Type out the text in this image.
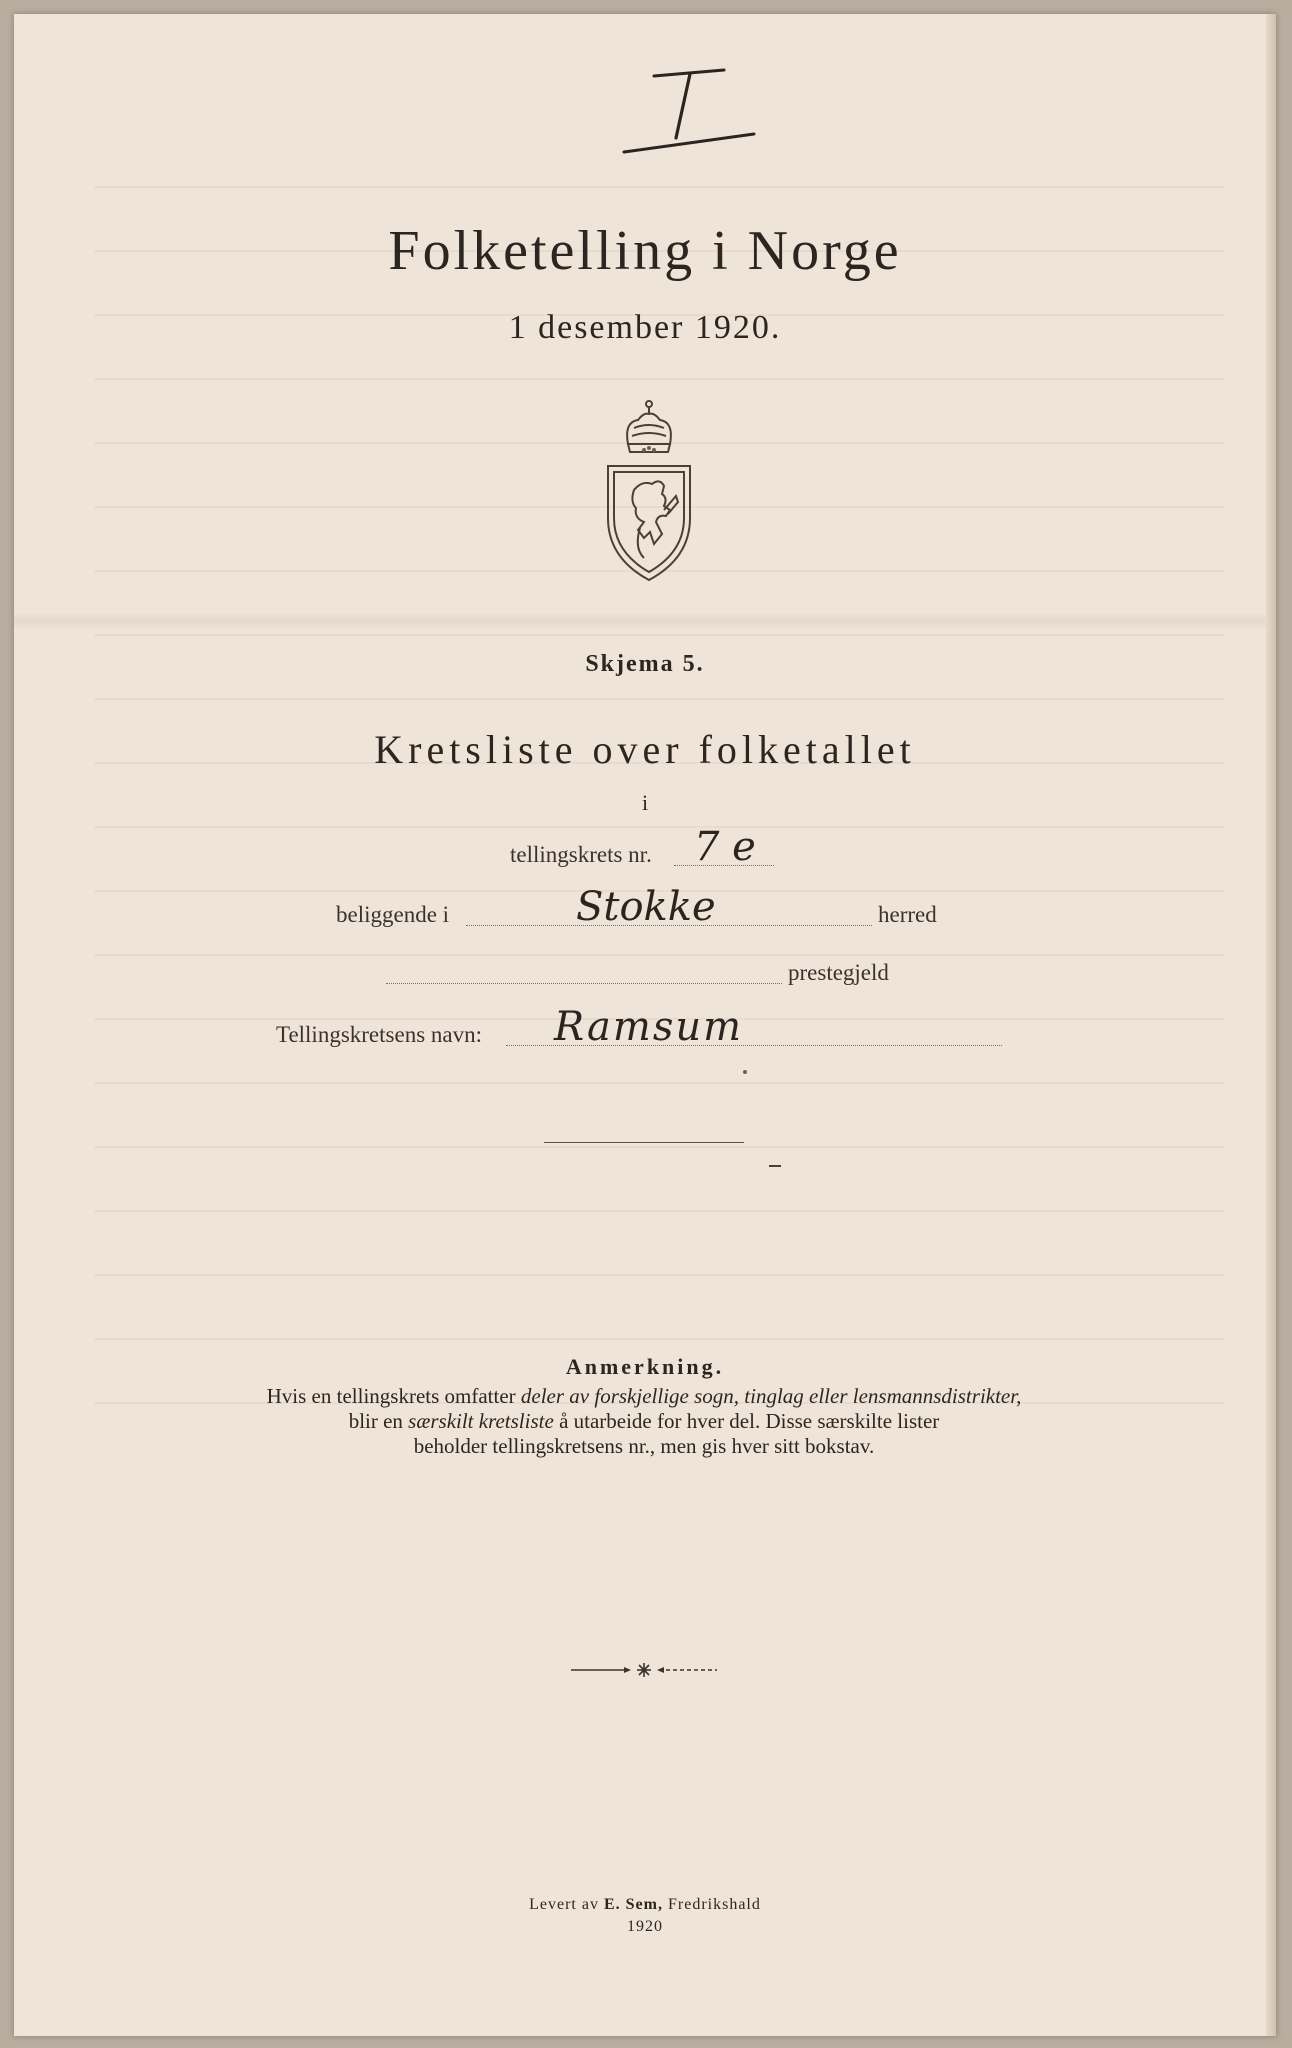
Folketelling i Norge
1 desember 1920.
Skjema 5.
Kretsliste over folketallet
i
tellingskrets nr. 7 e
beliggende i	Stokke	herred
prestegjeld
Tellingskretsens navn: Ramsum
Anmerkning.
Hvis en tellingskrets omfatter deler av forskjellige sogn, tinglag eller lensmannsdistrikter,
blir en særskilt kretsliste å utarbeide for hver del. Disse særskilte lister
beholder tellingskretsens nr., men gis hver sitt bokstav.
Levert av E. Sem, Fredrikshald
1920
